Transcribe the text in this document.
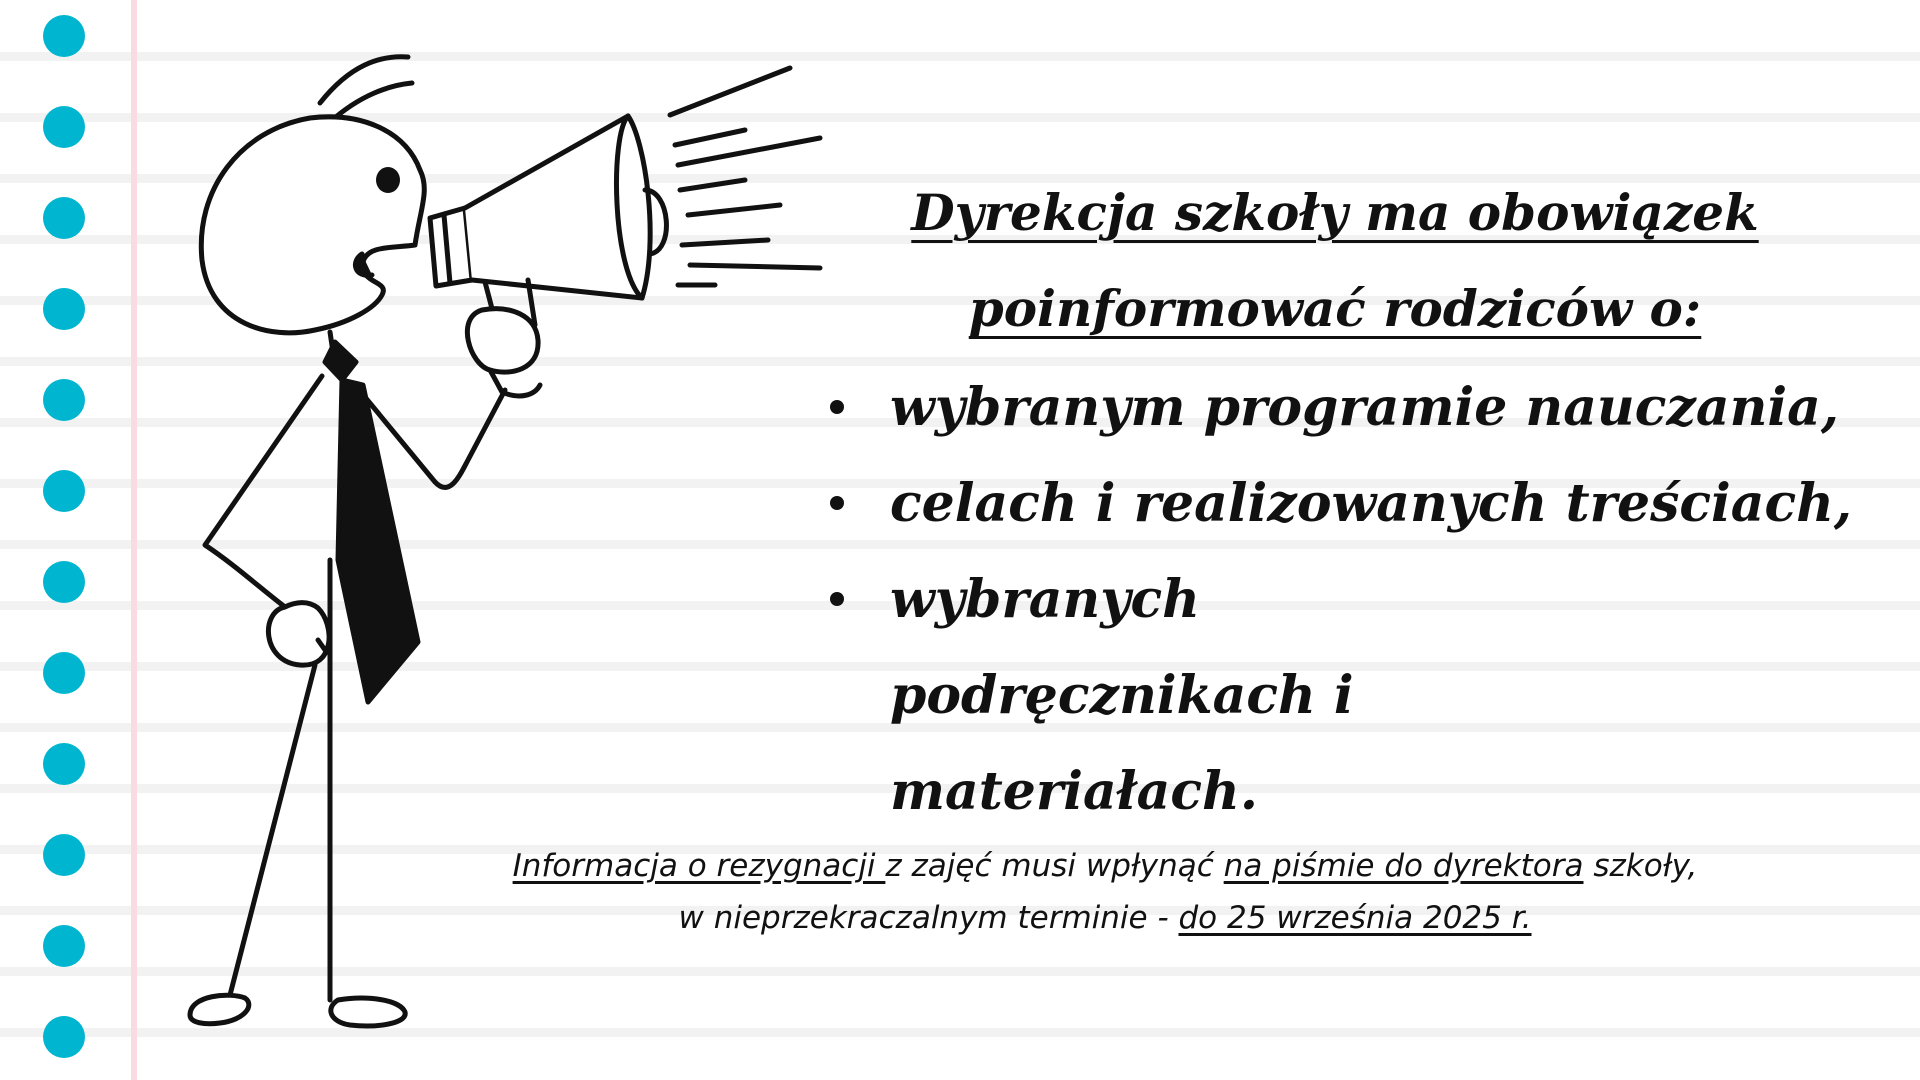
Dyrekcja szkoły ma obowiązek
poinformować rodziców o:
wybranym programie nauczania,
celach i realizowanych treściach,
wybranych podręcznikach i materiałach.
Informacja o rezygnacji z zajęć musi wpłynąć na piśmie do dyrektora szkoły,
w nieprzekraczalnym terminie - do 25 września 2025 r.
